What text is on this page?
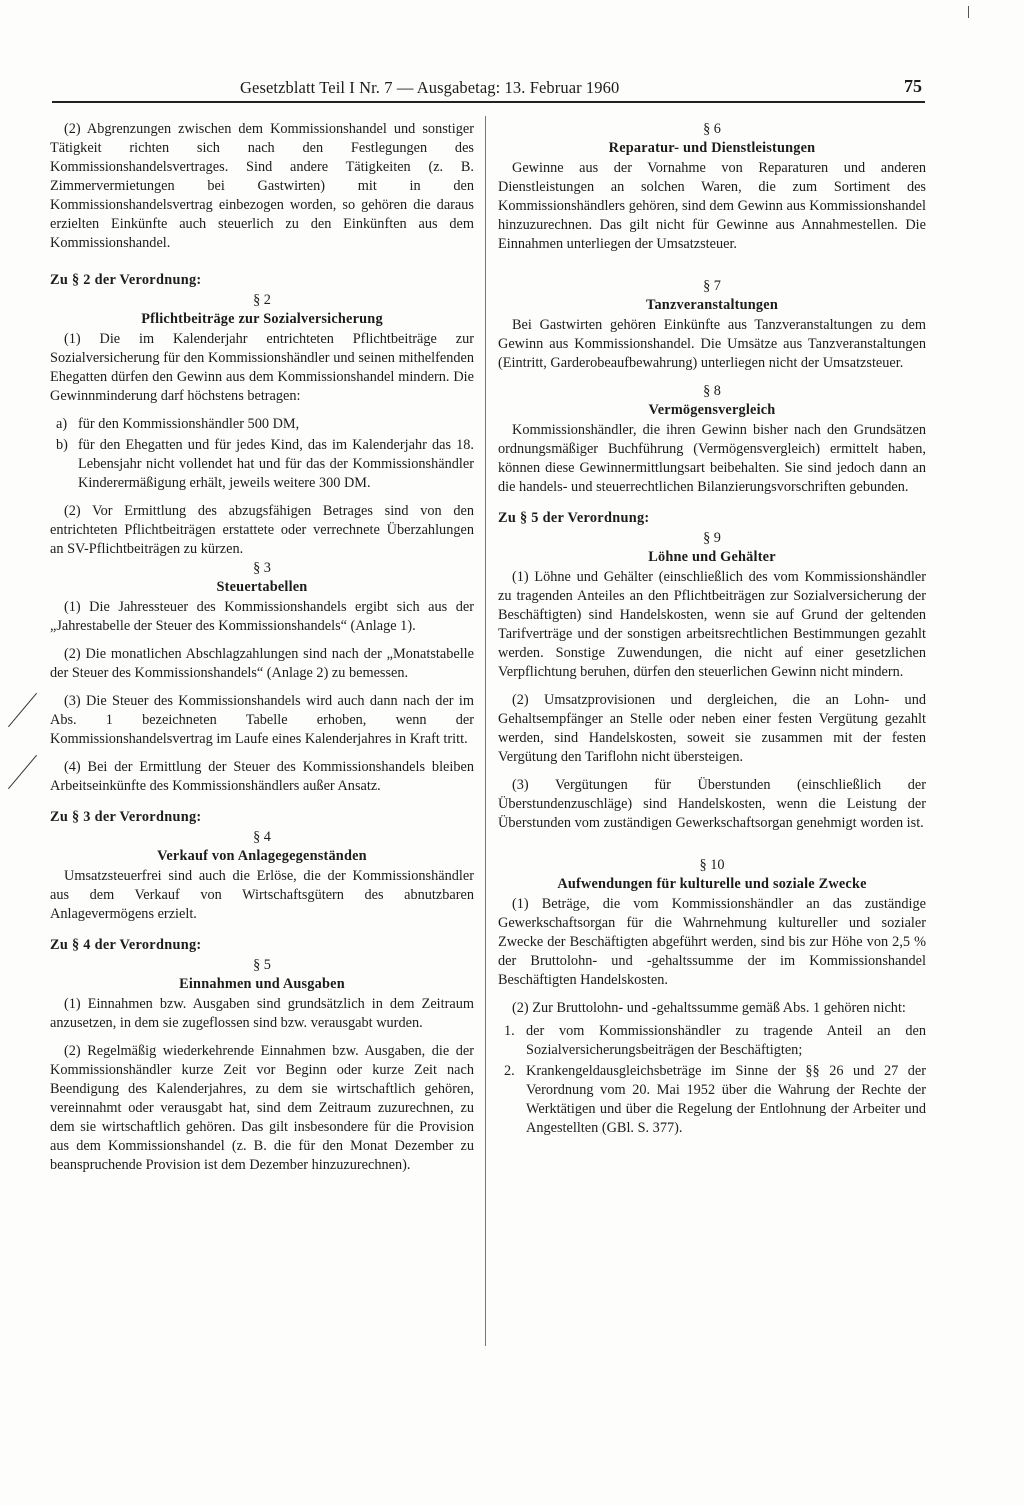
Gesetzblatt Teil I Nr. 7 — Ausgabetag: 13. Februar 1960	75

(2) Abgrenzungen zwischen dem Kommissionshandel und sonstiger Tätigkeit richten sich nach den Festlegungen des Kommissionshandelsvertrages. Sind andere Tätigkeiten (z. B. Zimmervermietungen bei Gastwirten) mit in den Kommissionshandelsvertrag einbezogen worden, so gehören die daraus erzielten Einkünfte auch steuerlich zu den Einkünften aus dem Kommissionshandel.

Zu § 2 der Verordnung:
§ 2
Pflichtbeiträge zur Sozialversicherung

(1) Die im Kalenderjahr entrichteten Pflichtbeiträge zur Sozialversicherung für den Kommissionshändler und seinen mithelfenden Ehegatten dürfen den Gewinn aus dem Kommissionshandel mindern. Die Gewinnminderung darf höchstens betragen:

a) für den Kommissionshändler 500 DM,
b) für den Ehegatten und für jedes Kind, das im Kalenderjahr das 18. Lebensjahr nicht vollendet hat und für das der Kommissionshändler Kinderermäßigung erhält, jeweils weitere 300 DM.

(2) Vor Ermittlung des abzugsfähigen Betrages sind von den entrichteten Pflichtbeiträgen erstattete oder verrechnete Überzahlungen an SV-Pflichtbeiträgen zu kürzen.

§ 3
Steuertabellen

(1) Die Jahressteuer des Kommissionshandels ergibt sich aus der „Jahrestabelle der Steuer des Kommissionshandels“ (Anlage 1).

(2) Die monatlichen Abschlagzahlungen sind nach der „Monatstabelle der Steuer des Kommissionshandels“ (Anlage 2) zu bemessen.

(3) Die Steuer des Kommissionshandels wird auch dann nach der im Abs. 1 bezeichneten Tabelle erhoben, wenn der Kommissionshandelsvertrag im Laufe eines Kalenderjahres in Kraft tritt.

(4) Bei der Ermittlung der Steuer des Kommissionshandels bleiben Arbeitseinkünfte des Kommissionshändlers außer Ansatz.

Zu § 3 der Verordnung:
§ 4
Verkauf von Anlagegegenständen

Umsatzsteuerfrei sind auch die Erlöse, die der Kommissionshändler aus dem Verkauf von Wirtschaftsgütern des abnutzbaren Anlagevermögens erzielt.

Zu § 4 der Verordnung:
§ 5
Einnahmen und Ausgaben

(1) Einnahmen bzw. Ausgaben sind grundsätzlich in dem Zeitraum anzusetzen, in dem sie zugeflossen sind bzw. verausgabt wurden.

(2) Regelmäßig wiederkehrende Einnahmen bzw. Ausgaben, die der Kommissionshändler kurze Zeit vor Beginn oder kurze Zeit nach Beendigung des Kalenderjahres, zu dem sie wirtschaftlich gehören, vereinnahmt oder verausgabt hat, sind dem Zeitraum zuzurechnen, zu dem sie wirtschaftlich gehören. Das gilt insbesondere für die Provision aus dem Kommissionshandel (z. B. die für den Monat Dezember zu beanspruchende Provision ist dem Dezember hinzuzurechnen).

§ 6
Reparatur- und Dienstleistungen

Gewinne aus der Vornahme von Reparaturen und anderen Dienstleistungen an solchen Waren, die zum Sortiment des Kommissionshändlers gehören, sind dem Gewinn aus Kommissionshandel hinzuzurechnen. Das gilt nicht für Gewinne aus Annahmestellen. Die Einnahmen unterliegen der Umsatzsteuer.

§ 7
Tanzveranstaltungen

Bei Gastwirten gehören Einkünfte aus Tanzveranstaltungen zu dem Gewinn aus Kommissionshandel. Die Umsätze aus Tanzveranstaltungen (Eintritt, Garderobeaufbewahrung) unterliegen nicht der Umsatzsteuer.

§ 8
Vermögensvergleich

Kommissionshändler, die ihren Gewinn bisher nach den Grundsätzen ordnungsmäßiger Buchführung (Vermögensvergleich) ermittelt haben, können diese Gewinnermittlungsart beibehalten. Sie sind jedoch dann an die handels- und steuerrechtlichen Bilanzierungsvorschriften gebunden.

Zu § 5 der Verordnung:
§ 9
Löhne und Gehälter

(1) Löhne und Gehälter (einschließlich des vom Kommissionshändler zu tragenden Anteiles an den Pflichtbeiträgen zur Sozialversicherung der Beschäftigten) sind Handelskosten, wenn sie auf Grund der geltenden Tarifverträge und der sonstigen arbeitsrechtlichen Bestimmungen gezahlt werden. Sonstige Zuwendungen, die nicht auf einer gesetzlichen Verpflichtung beruhen, dürfen den steuerlichen Gewinn nicht mindern.

(2) Umsatzprovisionen und dergleichen, die an Lohn- und Gehaltsempfänger an Stelle oder neben einer festen Vergütung gezahlt werden, sind Handelskosten, soweit sie zusammen mit der festen Vergütung den Tariflohn nicht übersteigen.

(3) Vergütungen für Überstunden (einschließlich der Überstundenzuschläge) sind Handelskosten, wenn die Leistung der Überstunden vom zuständigen Gewerkschaftsorgan genehmigt worden ist.

§ 10
Aufwendungen für kulturelle und soziale Zwecke

(1) Beträge, die vom Kommissionshändler an das zuständige Gewerkschaftsorgan für die Wahrnehmung kultureller und sozialer Zwecke der Beschäftigten abgeführt werden, sind bis zur Höhe von 2,5 % der Bruttolohn- und -gehaltssumme der im Kommissionshandel Beschäftigten Handelskosten.

(2) Zur Bruttolohn- und -gehaltssumme gemäß Abs. 1 gehören nicht:

1. der vom Kommissionshändler zu tragende Anteil an den Sozialversicherungsbeiträgen der Beschäftigten;
2. Krankengeldausgleichsbeträge im Sinne der §§ 26 und 27 der Verordnung vom 20. Mai 1952 über die Wahrung der Rechte der Werktätigen und über die Regelung der Entlohnung der Arbeiter und Angestellten (GBl. S. 377).
